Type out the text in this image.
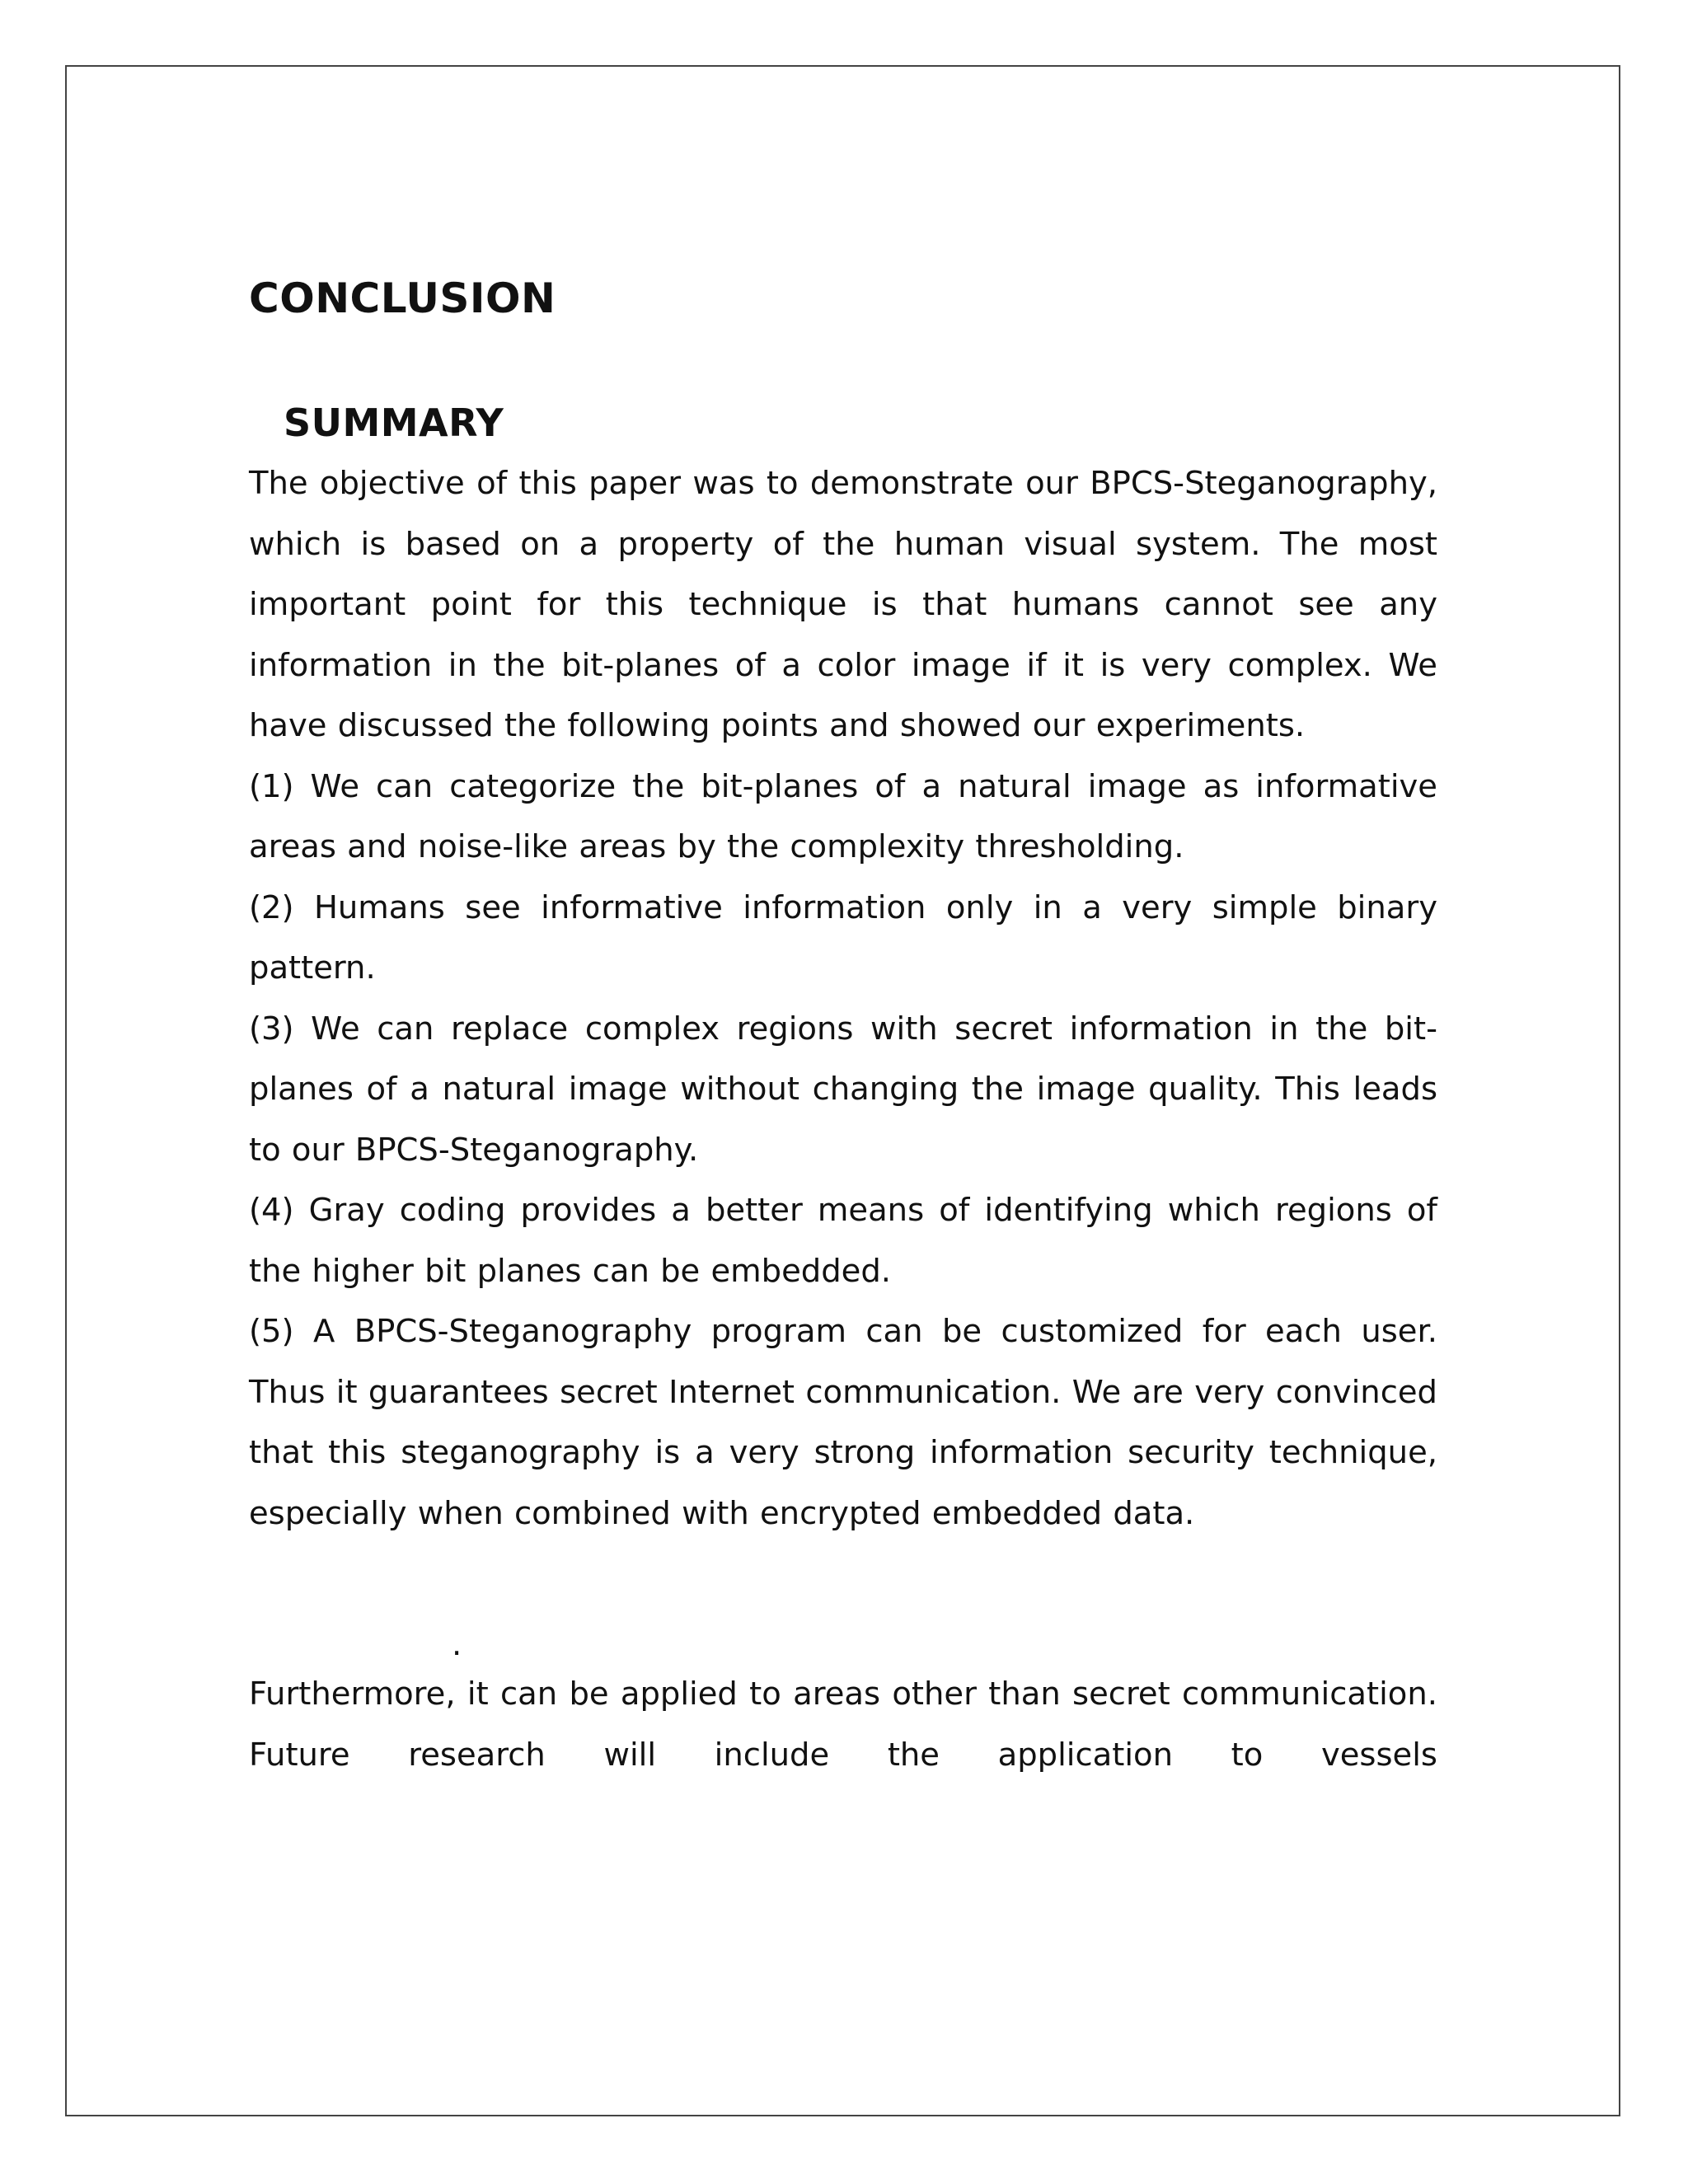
CONCLUSION
SUMMARY

The objective of this paper was to demonstrate our BPCS-Steganography, which is based on a property of the human visual system. The most important point for this technique is that humans cannot see any information in the bit-planes of a color image if it is very complex. We have discussed the following points and showed our experiments.

(1) We can categorize the bit-planes of a natural image as informative areas and noise-like areas by the complexity thresholding.

(2) Humans see informative information only in a very simple binary pattern.

(3) We can replace complex regions with secret information in the bit-planes of a natural image without changing the image quality. This leads to our BPCS-Steganography.

(4) Gray coding provides a better means of identifying which regions of the higher bit planes can be embedded.

(5) A BPCS-Steganography program can be customized for each user. Thus it guarantees secret Internet communication. We are very convinced that this steganography is a very strong information security technique, especially when combined with encrypted embedded data.

.

Furthermore, it can be applied to areas other than secret communication. Future research will include the application to vessels
